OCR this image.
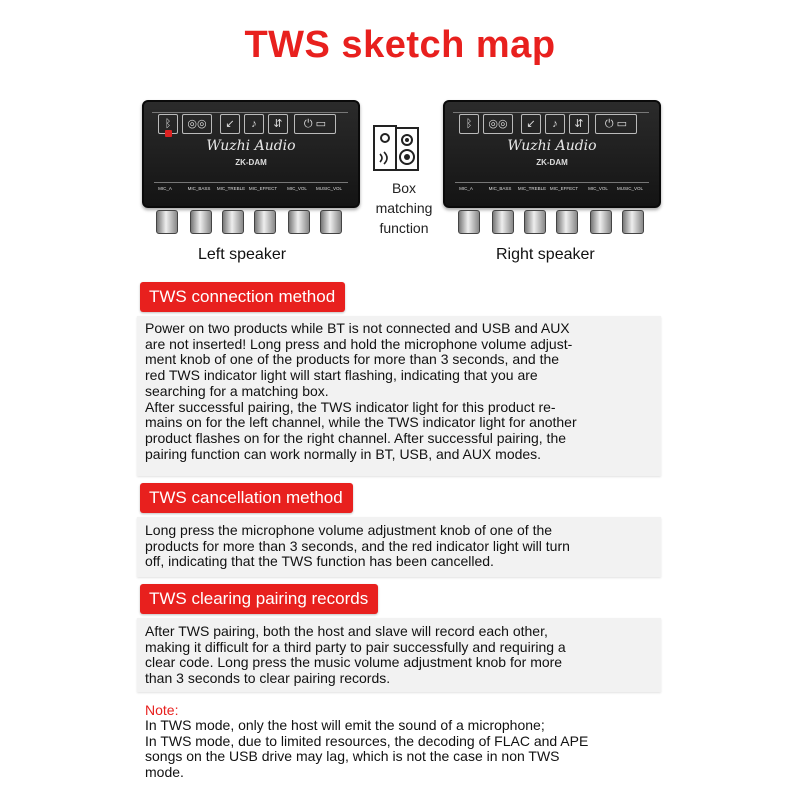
TWS sketch map
ᛒ	◎◎	↙	♪	⇵	⏻ ▭
Wuzhi Audio
ZK-DAM
MIC_A	MIC_BASS	MIC_TREBLE MIC_EFFECT	MIC_VOL	MUSIC_VOL
ᛒ	◎◎	↙	♪	⇵	⏻ ▭
Wuzhi Audio
ZK-DAM
MIC_A	MIC_BASS	MIC_TREBLE MIC_EFFECT	MIC_VOL	MUSIC_VOL
Box
matching
function
Left speaker	Right speaker
TWS connection method
Power on two products while BT is not connected and USB and AUX
are not inserted! Long press and hold the microphone volume adjust-
ment knob of one of the products for more than 3 seconds, and the
red TWS indicator light will start flashing, indicating that you are
searching for a matching box.
After successful pairing, the TWS indicator light for this product re-
mains on for the left channel, while the TWS indicator light for another
product flashes on for the right channel. After successful pairing, the
pairing function can work normally in BT, USB, and AUX modes.
TWS cancellation method
Long press the microphone volume adjustment knob of one of the
products for more than 3 seconds, and the red indicator light will turn
off, indicating that the TWS function has been cancelled.
TWS clearing pairing records
After TWS pairing, both the host and slave will record each other,
making it difficult for a third party to pair successfully and requiring a
clear code. Long press the music volume adjustment knob for more
than 3 seconds to clear pairing records.
Note:
In TWS mode, only the host will emit the sound of a microphone;
In TWS mode, due to limited resources, the decoding of FLAC and APE
songs on the USB drive may lag, which is not the case in non TWS
mode.
